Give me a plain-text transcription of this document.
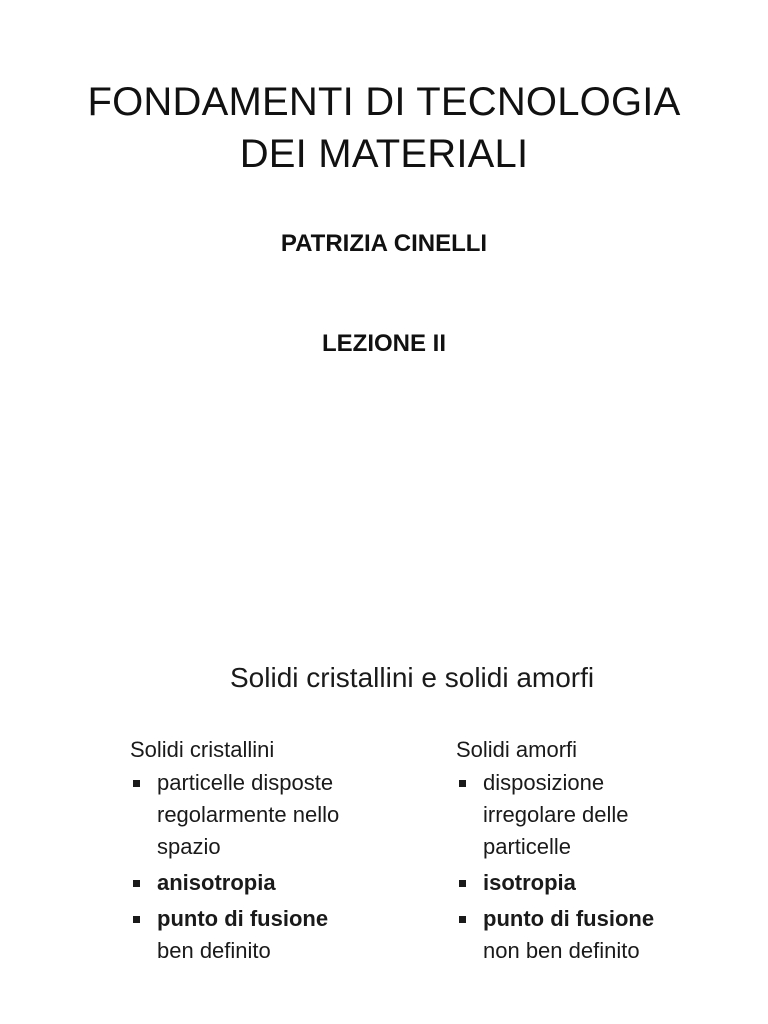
FONDAMENTI DI TECNOLOGIA
DEI MATERIALI
PATRIZIA CINELLI
LEZIONE II
Solidi cristallini e solidi amorfi
Solidi cristallini
particelle disposte
regolarmente nello
spazio
anisotropia
punto di fusione
ben definito
Solidi amorfi
disposizione
irregolare delle
particelle
isotropia
punto di fusione
non ben definito
